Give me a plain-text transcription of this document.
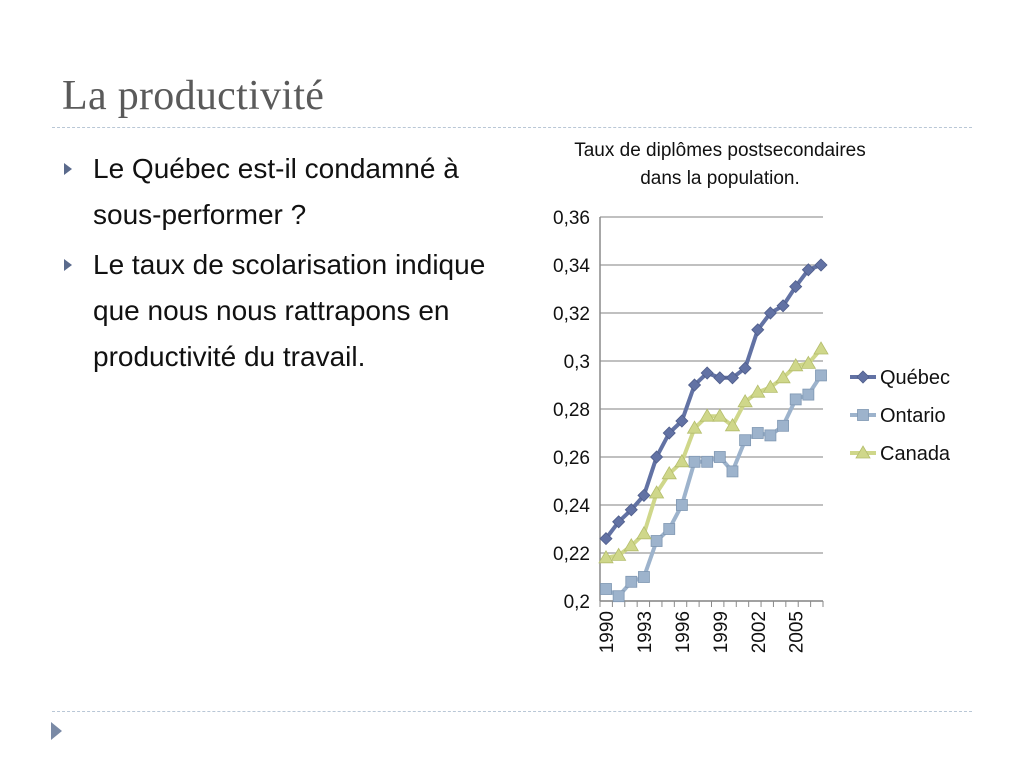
La productivité
Le Québec est-il condamné à sous-performer ?
Le taux de scolarisation indique que nous nous rattrapons en productivité du travail.
Taux de diplômes postsecondaires
dans la population.
0,2
0,22
0,24
0,26
0,28
0,3
0,32
0,34
0,36
1990 1993 1996 1999 2002 2005
Québec
Ontario
Canada
